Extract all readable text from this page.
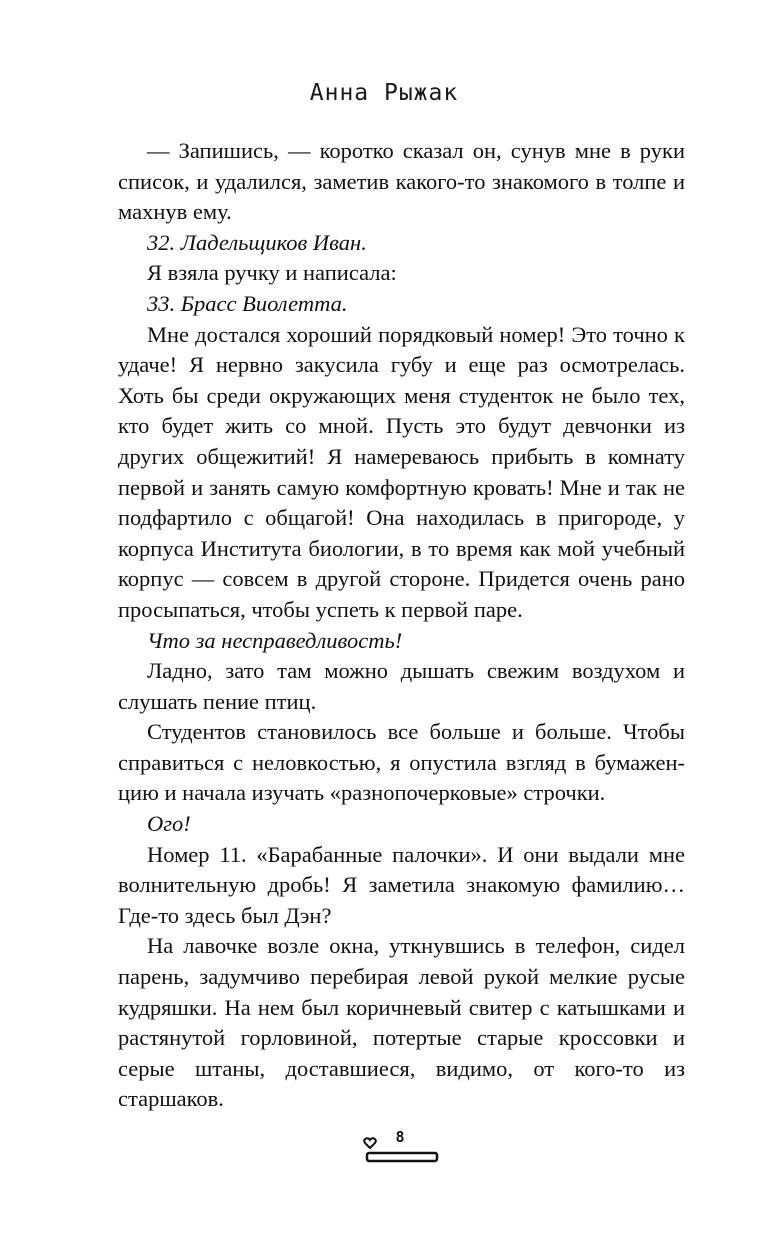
Анна Рыжак

— Запишись, — коротко сказал он, сунув мне в руки список, и удалился, заметив какого-то знакомого в толпе и махнув ему.

32. Ладельщиков Иван.

Я взяла ручку и написала:

33. Брасс Виолетта.

Мне достался хороший порядковый номер! Это точно к удаче! Я нервно закусила губу и еще раз осмотрелась. Хоть бы среди окружающих меня студенток не было тех, кто будет жить со мной. Пусть это будут девчонки из других общежитий! Я намереваюсь прибыть в комнату первой и занять самую комфортную кровать! Мне и так не подфартило с общагой! Она находилась в пригороде, у корпуса Института биологии, в то время как мой учебный корпус — совсем в другой стороне. Придется очень рано просыпаться, чтобы успеть к первой паре.

Что за несправедливость!

Ладно, зато там можно дышать свежим воздухом и слушать пение птиц.

Студентов становилось все больше и больше. Чтобы справиться с неловкостью, я опустила взгляд в бумаженцию и начала изучать «разнопочерковые» строчки.

Ого!

Номер 11. «Барабанные палочки». И они выдали мне волнительную дробь! Я заметила знакомую фамилию… Где-то здесь был Дэн?

На лавочке возле окна, уткнувшись в телефон, сидел парень, задумчиво перебирая левой рукой мелкие русые кудряшки. На нем был коричневый свитер с катышками и растянутой горловиной, потертые старые кроссовки и серые штаны, доставшиеся, видимо, от кого-то из старшаков.

8
